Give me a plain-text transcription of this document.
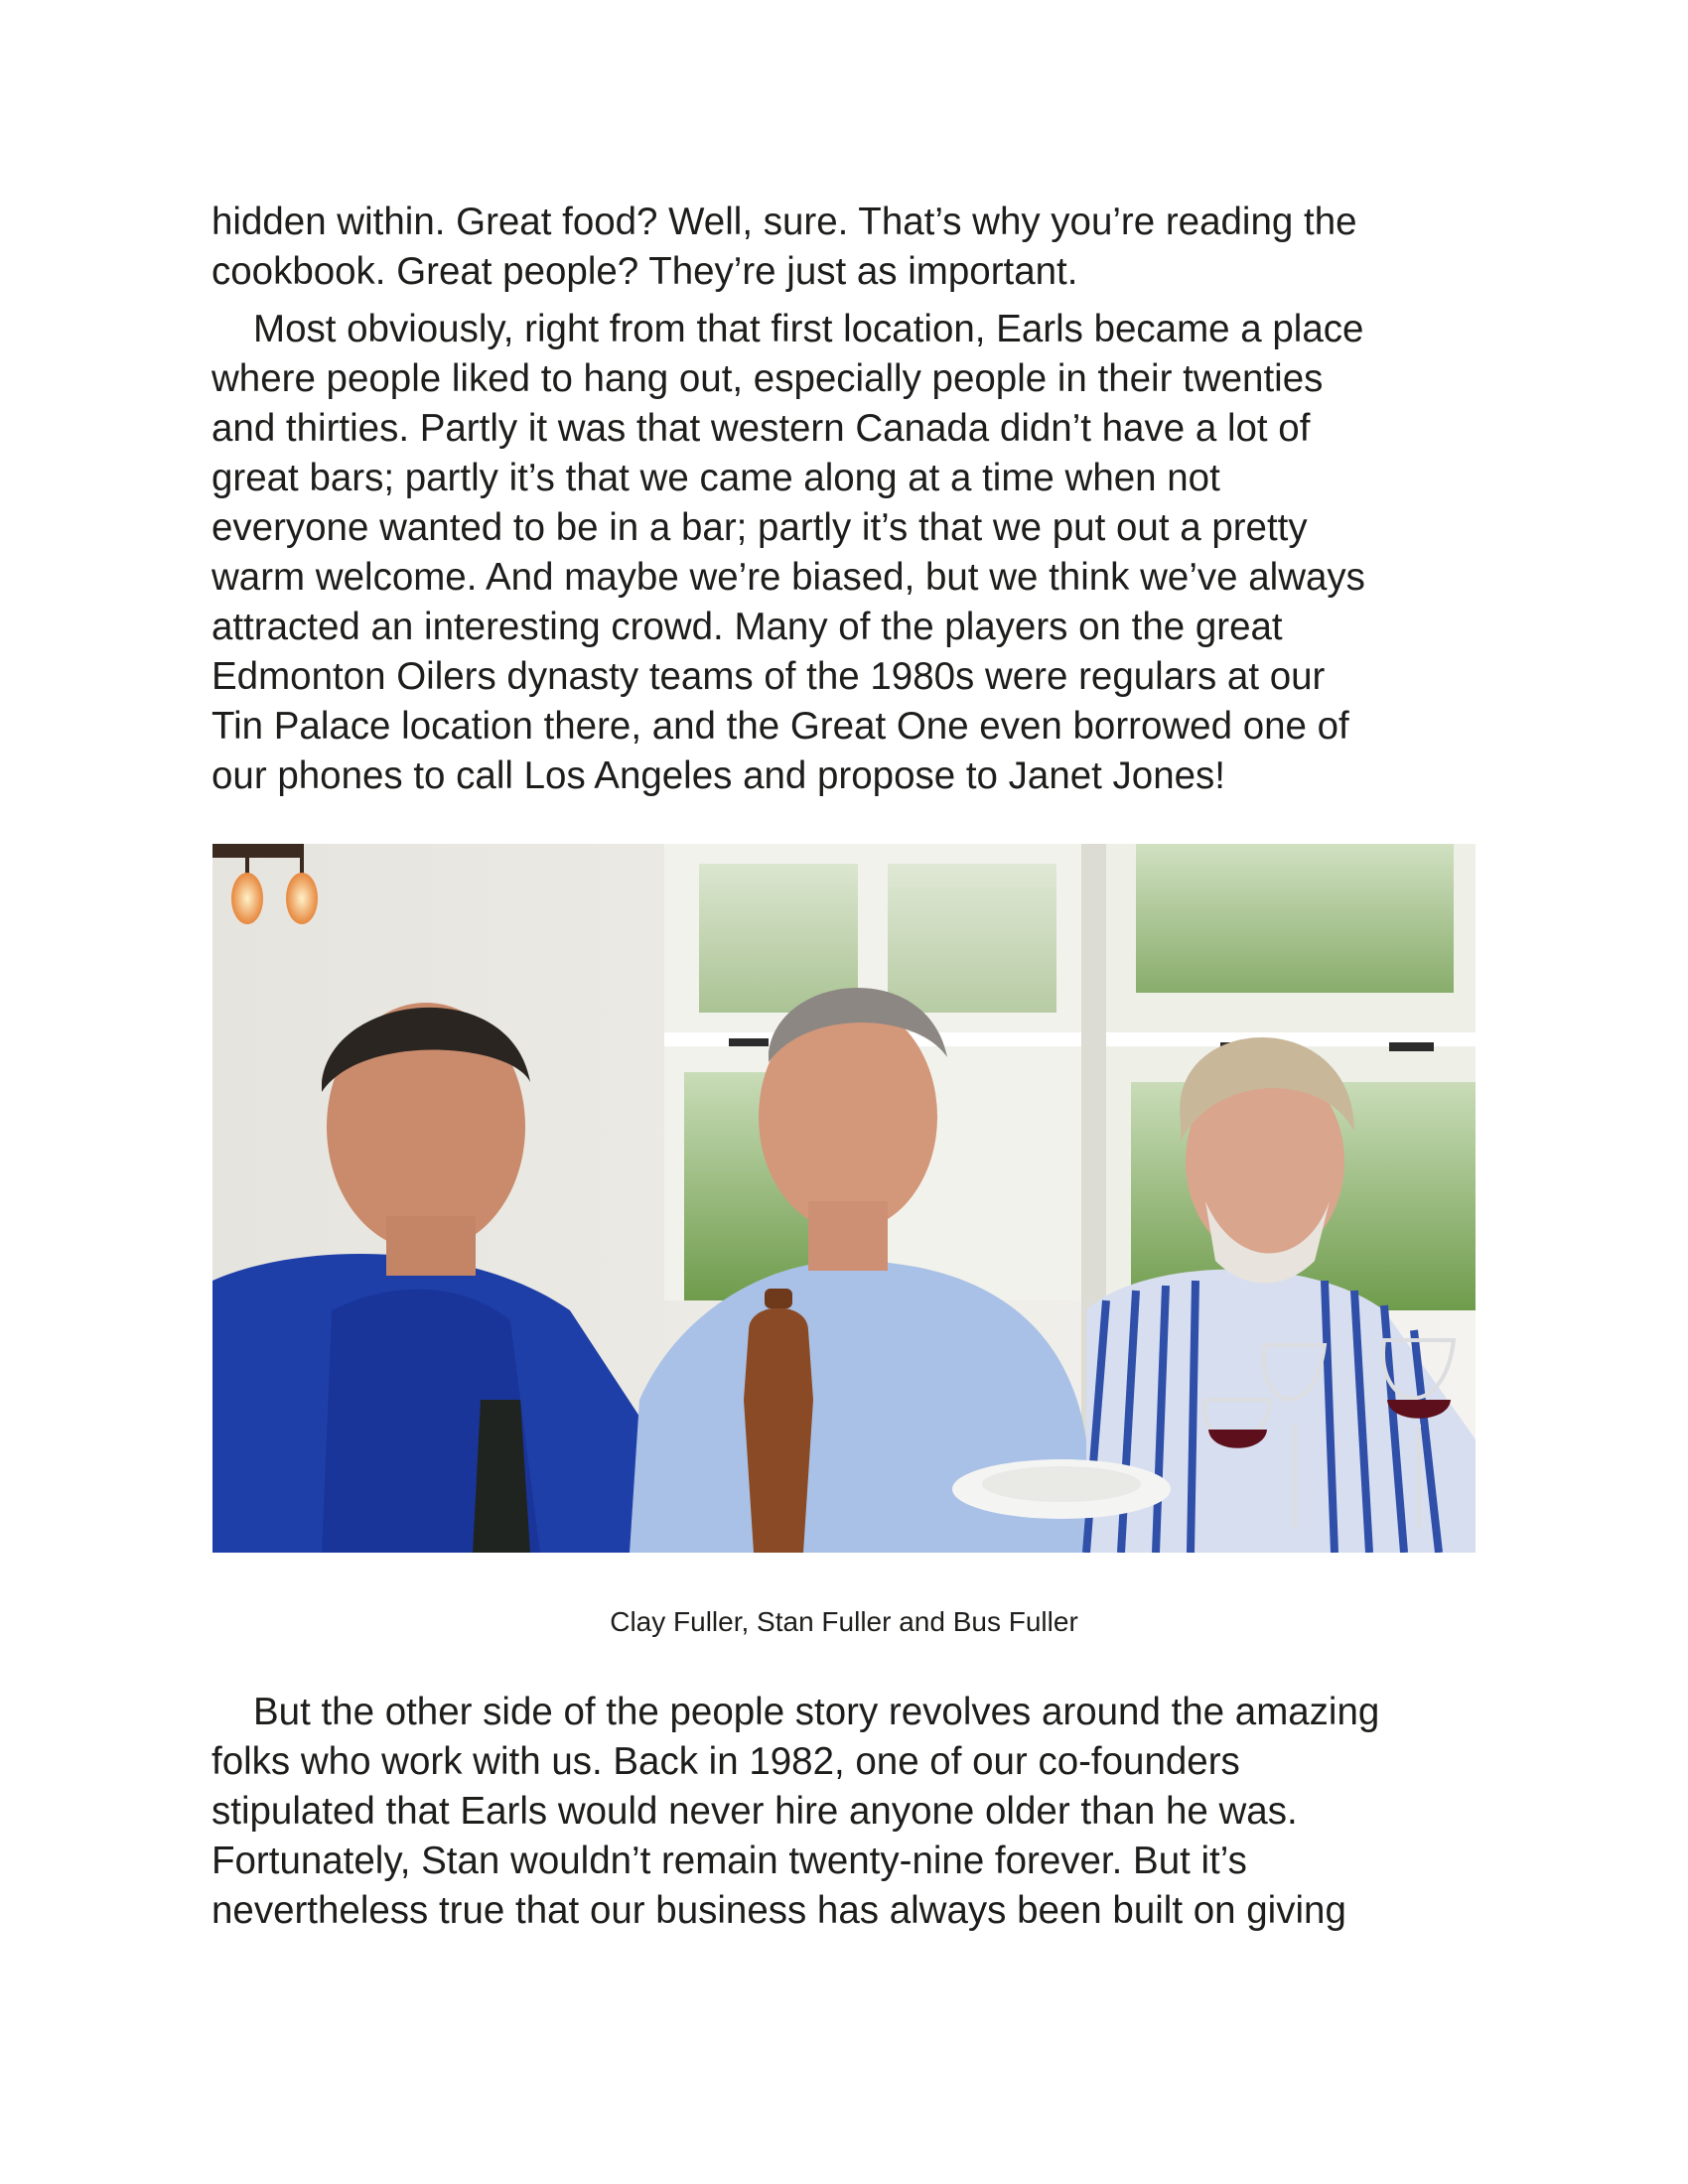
hidden within. Great food? Well, sure. That’s why you’re reading the
cookbook. Great people? They’re just as important.

Most obviously, right from that first location, Earls became a place
where people liked to hang out, especially people in their twenties
and thirties. Partly it was that western Canada didn’t have a lot of
great bars; partly it’s that we came along at a time when not
everyone wanted to be in a bar; partly it’s that we put out a pretty
warm welcome. And maybe we’re biased, but we think we’ve always
attracted an interesting crowd. Many of the players on the great
Edmonton Oilers dynasty teams of the 1980s were regulars at our
Tin Palace location there, and the Great One even borrowed one of
our phones to call Los Angeles and propose to Janet Jones!

Clay Fuller, Stan Fuller and Bus Fuller

But the other side of the people story revolves around the amazing
folks who work with us. Back in 1982, one of our co-founders
stipulated that Earls would never hire anyone older than he was.
Fortunately, Stan wouldn’t remain twenty-nine forever. But it’s
nevertheless true that our business has always been built on giving
